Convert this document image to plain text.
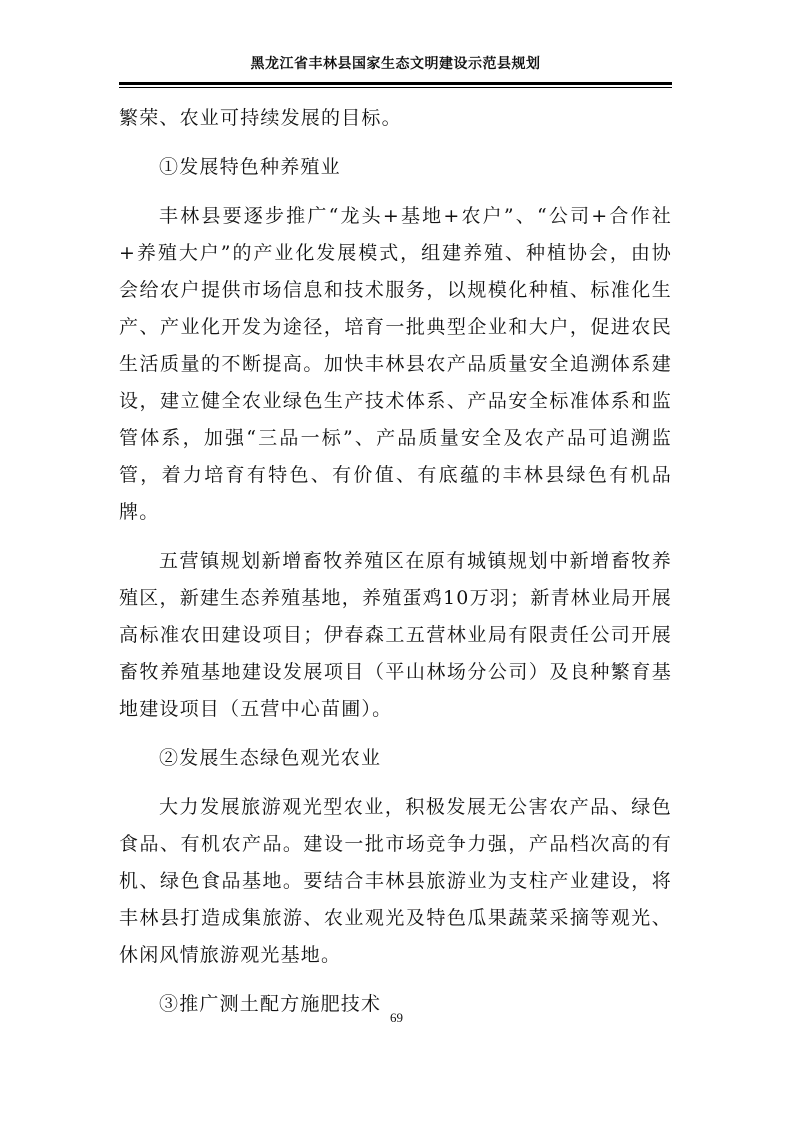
黑龙江省丰林县国家生态文明建设示范县规划

繁荣、农业可持续发展的目标。

①发展特色种养殖业

丰林县要逐步推广“龙头+基地+农户”、“公司+合作社+养殖大户”的产业化发展模式，组建养殖、种植协会，由协会给农户提供市场信息和技术服务，以规模化种植、标准化生产、产业化开发为途径，培育一批典型企业和大户，促进农民生活质量的不断提高。加快丰林县农产品质量安全追溯体系建设，建立健全农业绿色生产技术体系、产品安全标准体系和监管体系，加强“三品一标”、产品质量安全及农产品可追溯监管，着力培育有特色、有价值、有底蕴的丰林县绿色有机品牌。

五营镇规划新增畜牧养殖区在原有城镇规划中新增畜牧养殖区，新建生态养殖基地，养殖蛋鸡10万羽；新青林业局开展高标准农田建设项目；伊春森工五营林业局有限责任公司开展畜牧养殖基地建设发展项目（平山林场分公司）及良种繁育基地建设项目（五营中心苗圃）。

②发展生态绿色观光农业

大力发展旅游观光型农业，积极发展无公害农产品、绿色食品、有机农产品。建设一批市场竞争力强，产品档次高的有机、绿色食品基地。要结合丰林县旅游业为支柱产业建设，将丰林县打造成集旅游、农业观光及特色瓜果蔬菜采摘等观光、休闲风情旅游观光基地。

③推广测土配方施肥技术

69
